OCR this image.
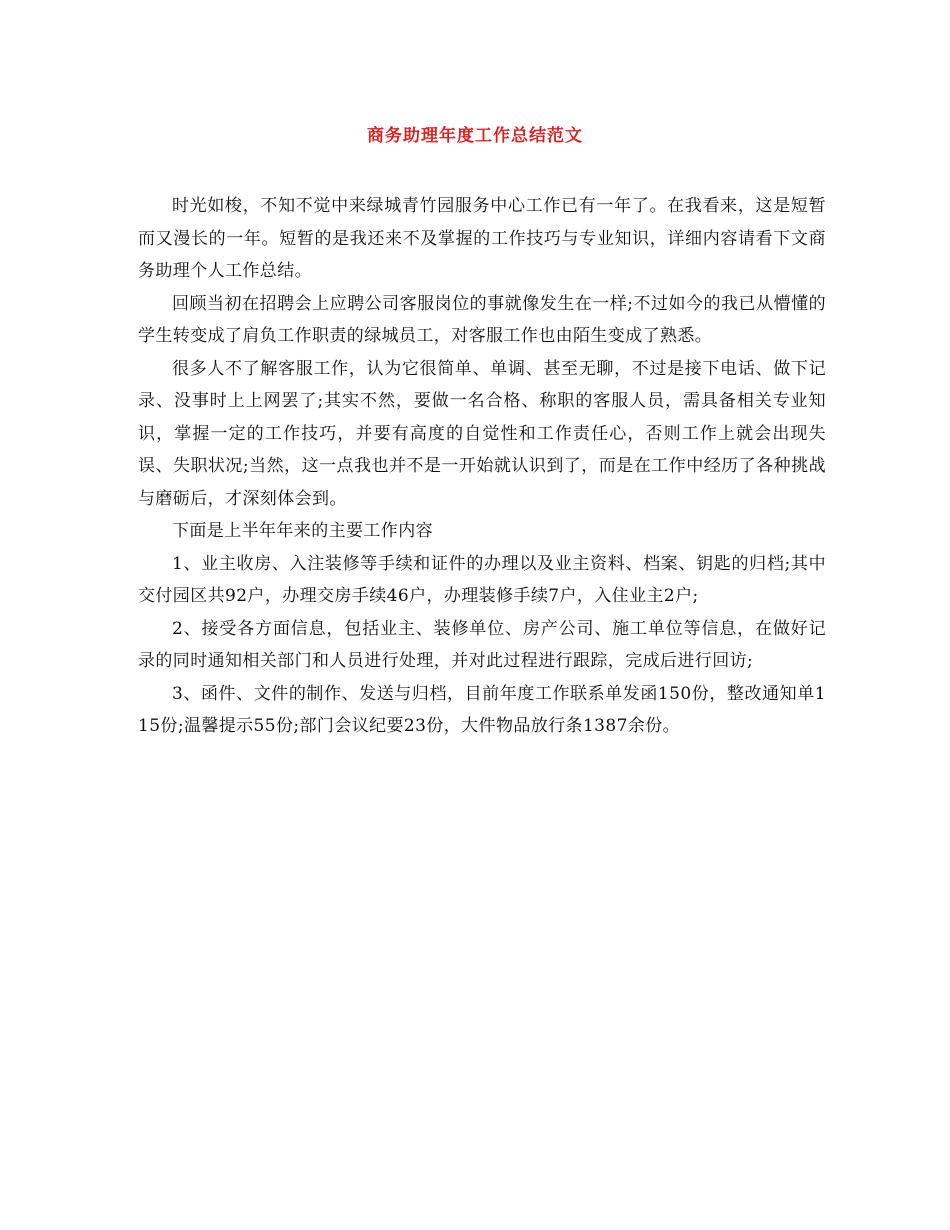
商务助理年度工作总结范文

时光如梭，不知不觉中来绿城青竹园服务中心工作已有一年了。在我看来，这是短暂而又漫长的一年。短暂的是我还来不及掌握的工作技巧与专业知识，详细内容请看下文商务助理个人工作总结。

回顾当初在招聘会上应聘公司客服岗位的事就像发生在一样;不过如今的我已从懵懂的学生转变成了肩负工作职责的绿城员工，对客服工作也由陌生变成了熟悉。

很多人不了解客服工作，认为它很简单、单调、甚至无聊，不过是接下电话、做下记录、没事时上上网罢了;其实不然，要做一名合格、称职的客服人员，需具备相关专业知识，掌握一定的工作技巧，并要有高度的自觉性和工作责任心，否则工作上就会出现失误、失职状况;当然，这一点我也并不是一开始就认识到了，而是在工作中经历了各种挑战与磨砺后，才深刻体会到。

下面是上半年年来的主要工作内容

1、业主收房、入注装修等手续和证件的办理以及业主资料、档案、钥匙的归档;其中交付园区共92户，办理交房手续46户，办理装修手续7户，入住业主2户;

2、接受各方面信息，包括业主、装修单位、房产公司、施工单位等信息，在做好记录的同时通知相关部门和人员进行处理，并对此过程进行跟踪，完成后进行回访;

3、函件、文件的制作、发送与归档，目前年度工作联系单发函150份，整改通知单115份;温馨提示55份;部门会议纪要23份，大件物品放行条1387余份。
